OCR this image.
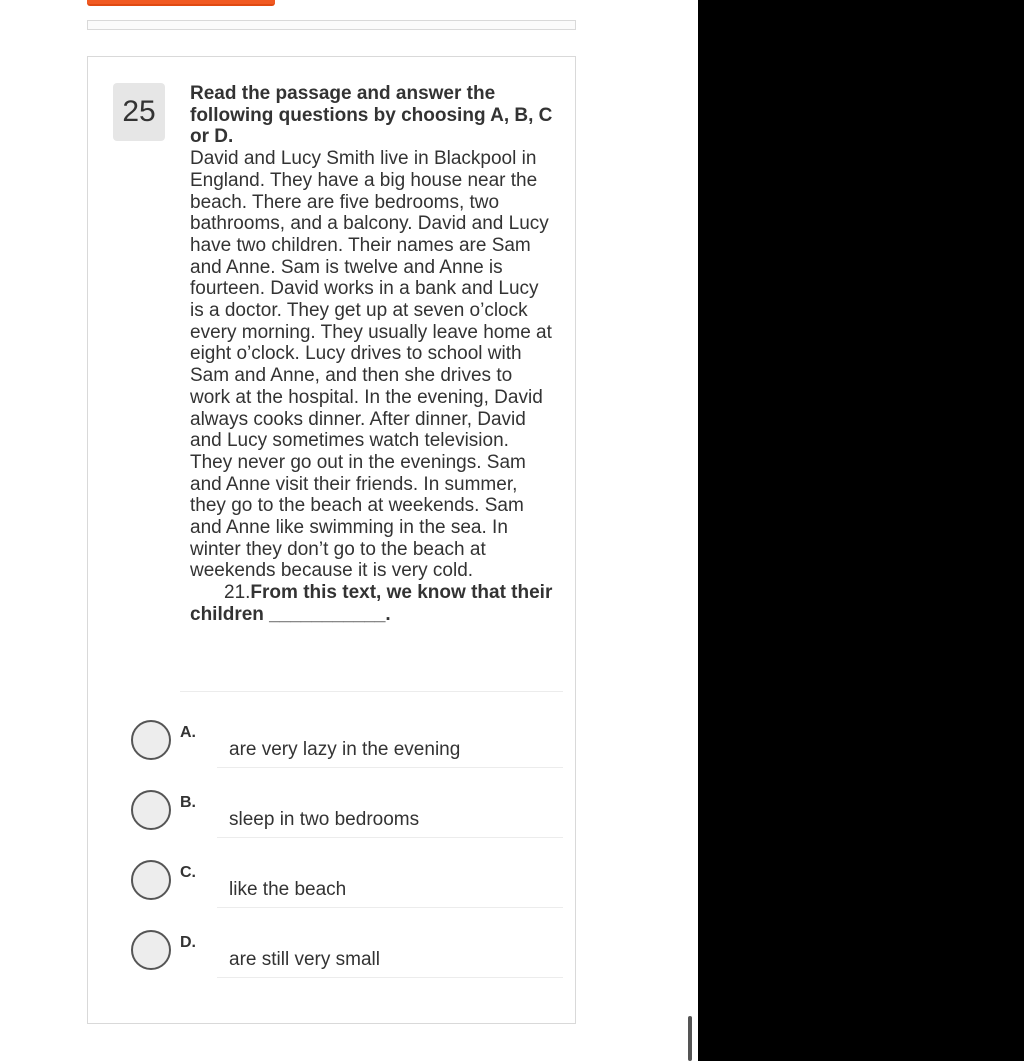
25
Read the passage and answer the following questions by choosing A, B, C or D.
David and Lucy Smith live in Blackpool in England. They have a big house near the beach. There are five bedrooms, two bathrooms, and a balcony. David and Lucy have two children. Their names are Sam and Anne. Sam is twelve and Anne is fourteen. David works in a bank and Lucy is a doctor. They get up at seven o’clock every morning. They usually leave home at eight o’clock. Lucy drives to school with Sam and Anne, and then she drives to work at the hospital. In the evening, David always cooks dinner. After dinner, David and Lucy sometimes watch television. They never go out in the evenings. Sam and Anne visit their friends. In summer, they go to the beach at weekends. Sam and Anne like swimming in the sea. In winter they don’t go to the beach at weekends because it is very cold.
21.From this text, we know that their children ___________.
A.
are very lazy in the evening
B.
sleep in two bedrooms
C.
like the beach
D.
are still very small
